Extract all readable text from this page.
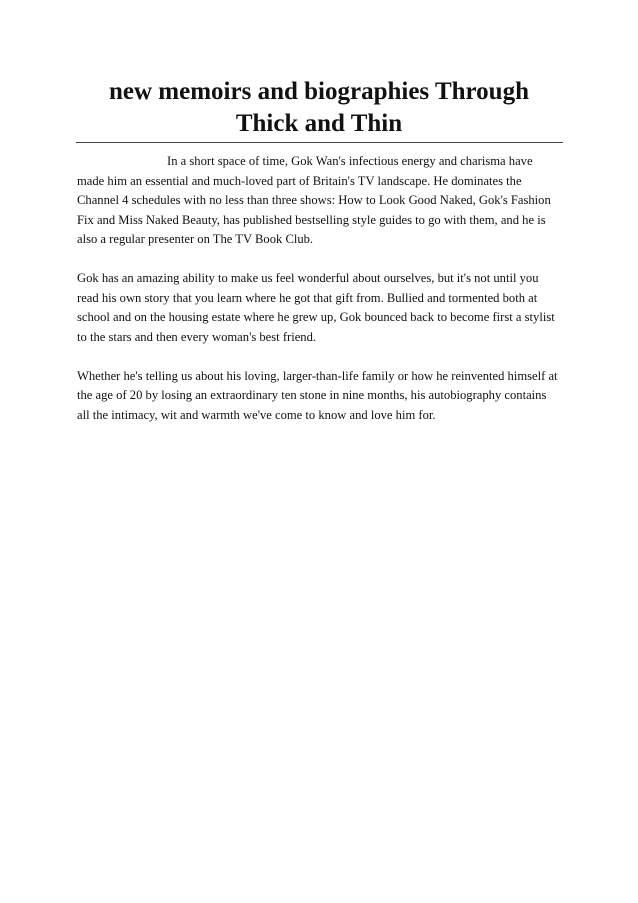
new memoirs and biographies Through Thick and Thin

In a short space of time, Gok Wan's infectious energy and charisma have made him an essential and much-loved part of Britain's TV landscape. He dominates the Channel 4 schedules with no less than three shows: How to Look Good Naked, Gok's Fashion Fix and Miss Naked Beauty, has published bestselling style guides to go with them, and he is also a regular presenter on The TV Book Club.

Gok has an amazing ability to make us feel wonderful about ourselves, but it's not until you read his own story that you learn where he got that gift from. Bullied and tormented both at school and on the housing estate where he grew up, Gok bounced back to become first a stylist to the stars and then every woman's best friend.

Whether he's telling us about his loving, larger-than-life family or how he reinvented himself at the age of 20 by losing an extraordinary ten stone in nine months, his autobiography contains all the intimacy, wit and warmth we've come to know and love him for.
